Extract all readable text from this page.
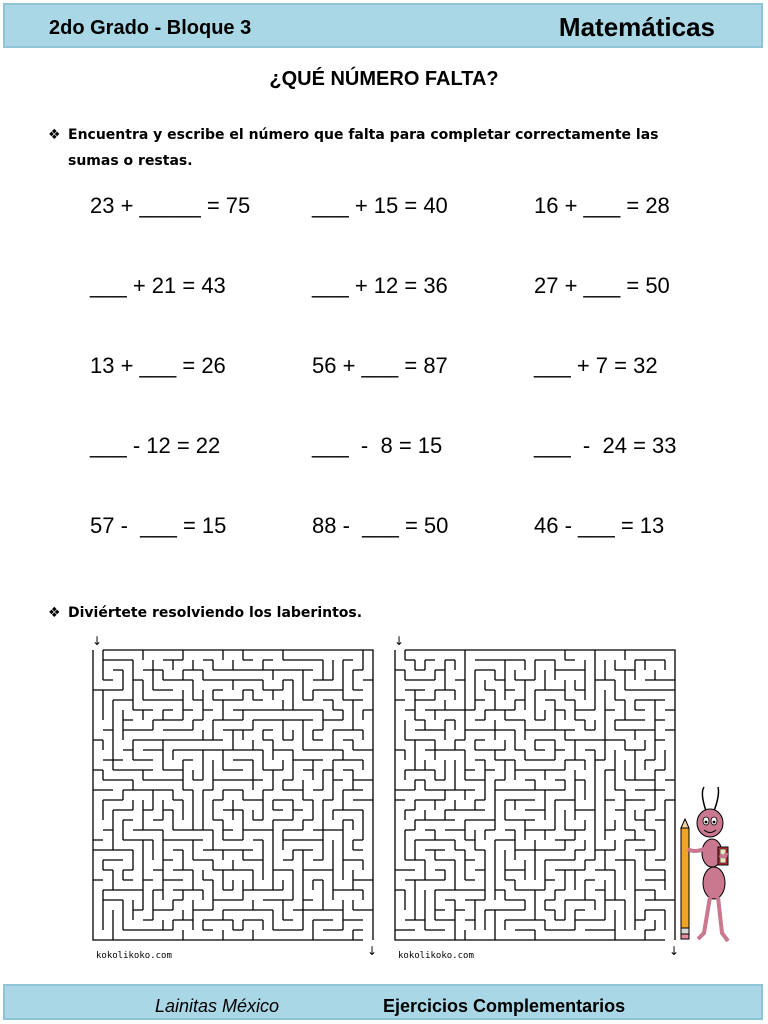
2do Grado - Bloque 3	Matemáticas
¿QUÉ NÚMERO FALTA?
❖ Encuentra y escribe el número que falta para completar correctamente las
sumas o restas.
23 + _____ = 75	___ + 15 = 40	16 + ___ = 28
___ + 21 = 43	___ + 12 = 36	27 + ___ = 50
13 + ___ = 26	56 + ___ = 87	___ + 7 = 32
___ - 12 = 22	___  -  8 = 15	___  -  24 = 33
57 -  ___ = 15	88 -  ___ = 50	46 - ___ = 13
❖ Diviértete resolviendo los laberintos.
↓
↓
kokolikoko.com
↓
↓
kokolikoko.com
Lainitas México	Ejercicios Complementarios
